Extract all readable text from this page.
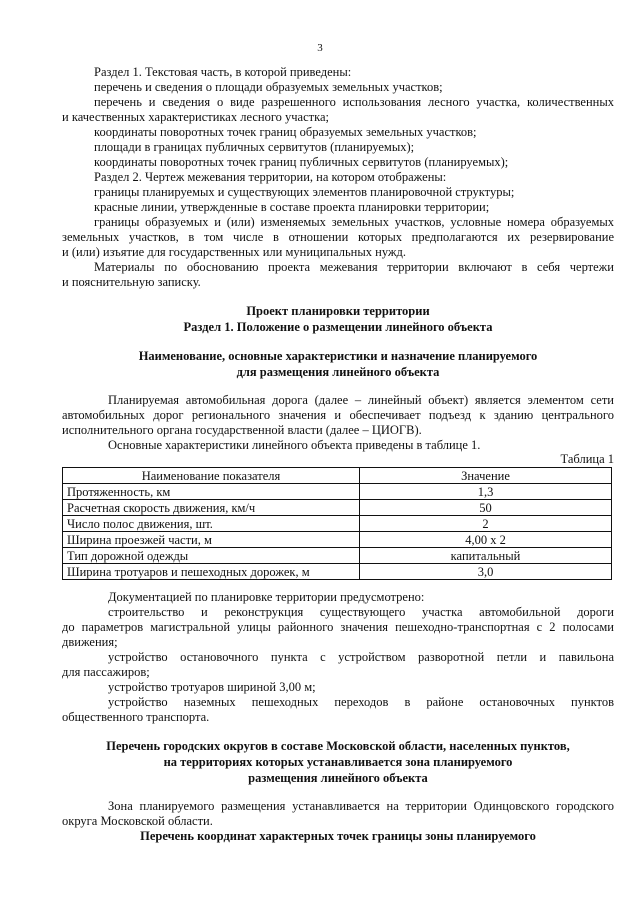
3
Раздел 1. Текстовая часть, в которой приведены:
перечень и сведения о площади образуемых земельных участков;
перечень и сведения о виде разрешенного использования лесного участка, количественных
и качественных характеристиках лесного участка;
координаты поворотных точек границ образуемых земельных участков;
площади в границах публичных сервитутов (планируемых);
координаты поворотных точек границ публичных сервитутов (планируемых);
Раздел 2. Чертеж межевания территории, на котором отображены:
границы планируемых и существующих элементов планировочной структуры;
красные линии, утвержденные в составе проекта планировки территории;
границы образуемых и (или) изменяемых земельных участков, условные номера образуемых
земельных участков, в том числе в отношении которых предполагаются их резервирование
и (или) изъятие для государственных или муниципальных нужд.
Материалы по обоснованию проекта межевания территории включают в себя чертежи
и пояснительную записку.
Проект планировки территории
Раздел 1. Положение о размещении линейного объекта
Наименование, основные характеристики и назначение планируемого
для размещения линейного объекта
Планируемая автомобильная дорога (далее – линейный объект) является элементом сети
автомобильных дорог регионального значения и обеспечивает подъезд к зданию центрального
исполнительного органа государственной власти (далее – ЦИОГВ).
Основные характеристики линейного объекта приведены в таблице 1.
Таблица 1
Наименование показателя	Значение
Протяженность, км	1,3
Расчетная скорость движения, км/ч	50
Число полос движения, шт.	2
Ширина проезжей части, м	4,00 х 2
Тип дорожной одежды	капитальный
Ширина тротуаров и пешеходных дорожек, м	3,0
Документацией по планировке территории предусмотрено:
строительство и реконструкция существующего участка автомобильной дороги
до параметров магистральной улицы районного значения пешеходно-транспортная с 2 полосами
движения;
устройство остановочного пункта с устройством разворотной петли и павильона
для пассажиров;
устройство тротуаров шириной 3,00 м;
устройство наземных пешеходных переходов в районе остановочных пунктов
общественного транспорта.
Перечень городских округов в составе Московской области, населенных пунктов,
на территориях которых устанавливается зона планируемого
размещения линейного объекта
Зона планируемого размещения устанавливается на территории Одинцовского городского
округа Московской области.
Перечень координат характерных точек границы зоны планируемого
